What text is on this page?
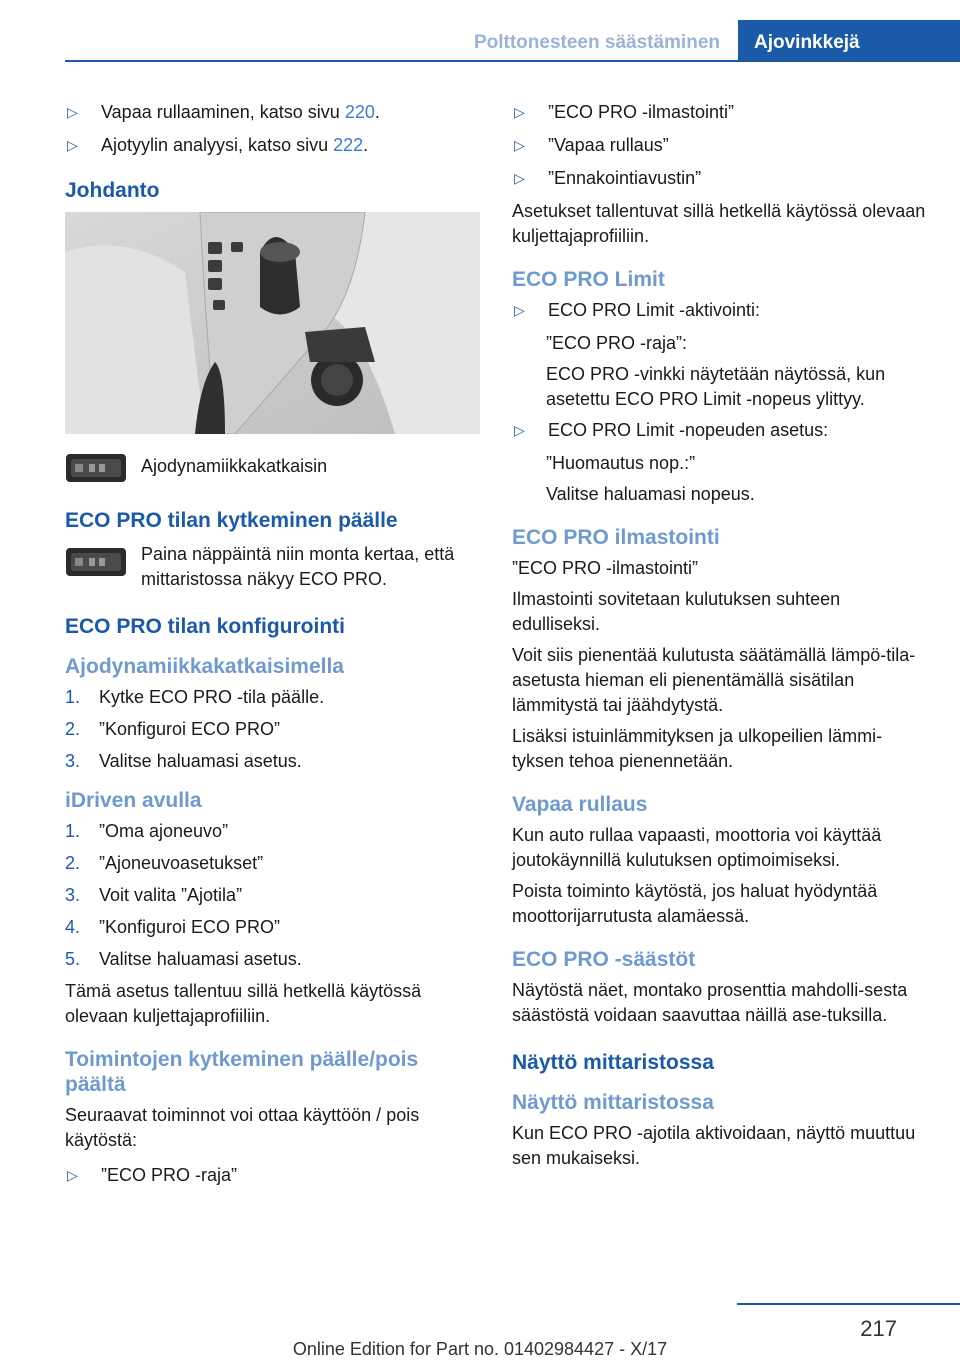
Polttonesteen säästäminen	Ajovinkkejä
▷	Vapaa rullaaminen, katso sivu 220.
▷	Ajotyylin analyysi, katso sivu 222.
Johdanto
Ajodynamiikkakatkaisin
ECO PRO tilan kytkeminen päälle
Paina näppäintä niin monta kertaa, että mittaristossa näkyy ECO PRO.
ECO PRO tilan konfigurointi
Ajodynamiikkakatkaisimella
1.	Kytke ECO PRO -tila päälle.
2.	”Konfiguroi ECO PRO”
3.	Valitse haluamasi asetus.
iDriven avulla
1.	”Oma ajoneuvo”
2.	”Ajoneuvoasetukset”
3.	Voit valita ”Ajotila”
4.	”Konfiguroi ECO PRO”
5.	Valitse haluamasi asetus.

Tämä asetus tallentuu sillä hetkellä käytössä olevaan kuljettajaprofiiliin.

Toimintojen kytkeminen päälle/pois päältä

Seuraavat toiminnot voi ottaa käyttöön / pois käytöstä:

▷	”ECO PRO -raja”
▷	”ECO PRO -ilmastointi”
▷	”Vapaa rullaus”
▷	”Ennakointiavustin”

Asetukset tallentuvat sillä hetkellä käytössä olevaan kuljettajaprofiiliin.

ECO PRO Limit
▷	ECO PRO Limit -aktivointi:
”ECO PRO -raja”:
ECO PRO -vinkki näytetään näytössä, kun asetettu ECO PRO Limit -nopeus ylittyy.
▷	ECO PRO Limit -nopeuden asetus:
”Huomautus nop.:”
Valitse haluamasi nopeus.
ECO PRO ilmastointi

”ECO PRO -ilmastointi”

Ilmastointi sovitetaan kulutuksen suhteen edulliseksi.

Voit siis pienentää kulutusta säätämällä lämpö-tila-asetusta hieman eli pienentämällä sisätilan lämmitystä tai jäähdytystä.

Lisäksi istuinlämmityksen ja ulkopeilien lämmi-tyksen tehoa pienennetään.

Vapaa rullaus

Kun auto rullaa vapaasti, moottoria voi käyttää joutokäynnillä kulutuksen optimoimiseksi.

Poista toiminto käytöstä, jos haluat hyödyntää moottorijarrutusta alamäessä.

ECO PRO -säästöt

Näytöstä näet, montako prosenttia mahdolli-sesta säästöstä voidaan saavuttaa näillä ase-tuksilla.

Näyttö mittaristossa
Näyttö mittaristossa

Kun ECO PRO -ajotila aktivoidaan, näyttö muuttuu sen mukaiseksi.

217
Online Edition for Part no. 01402984427 - X/17
